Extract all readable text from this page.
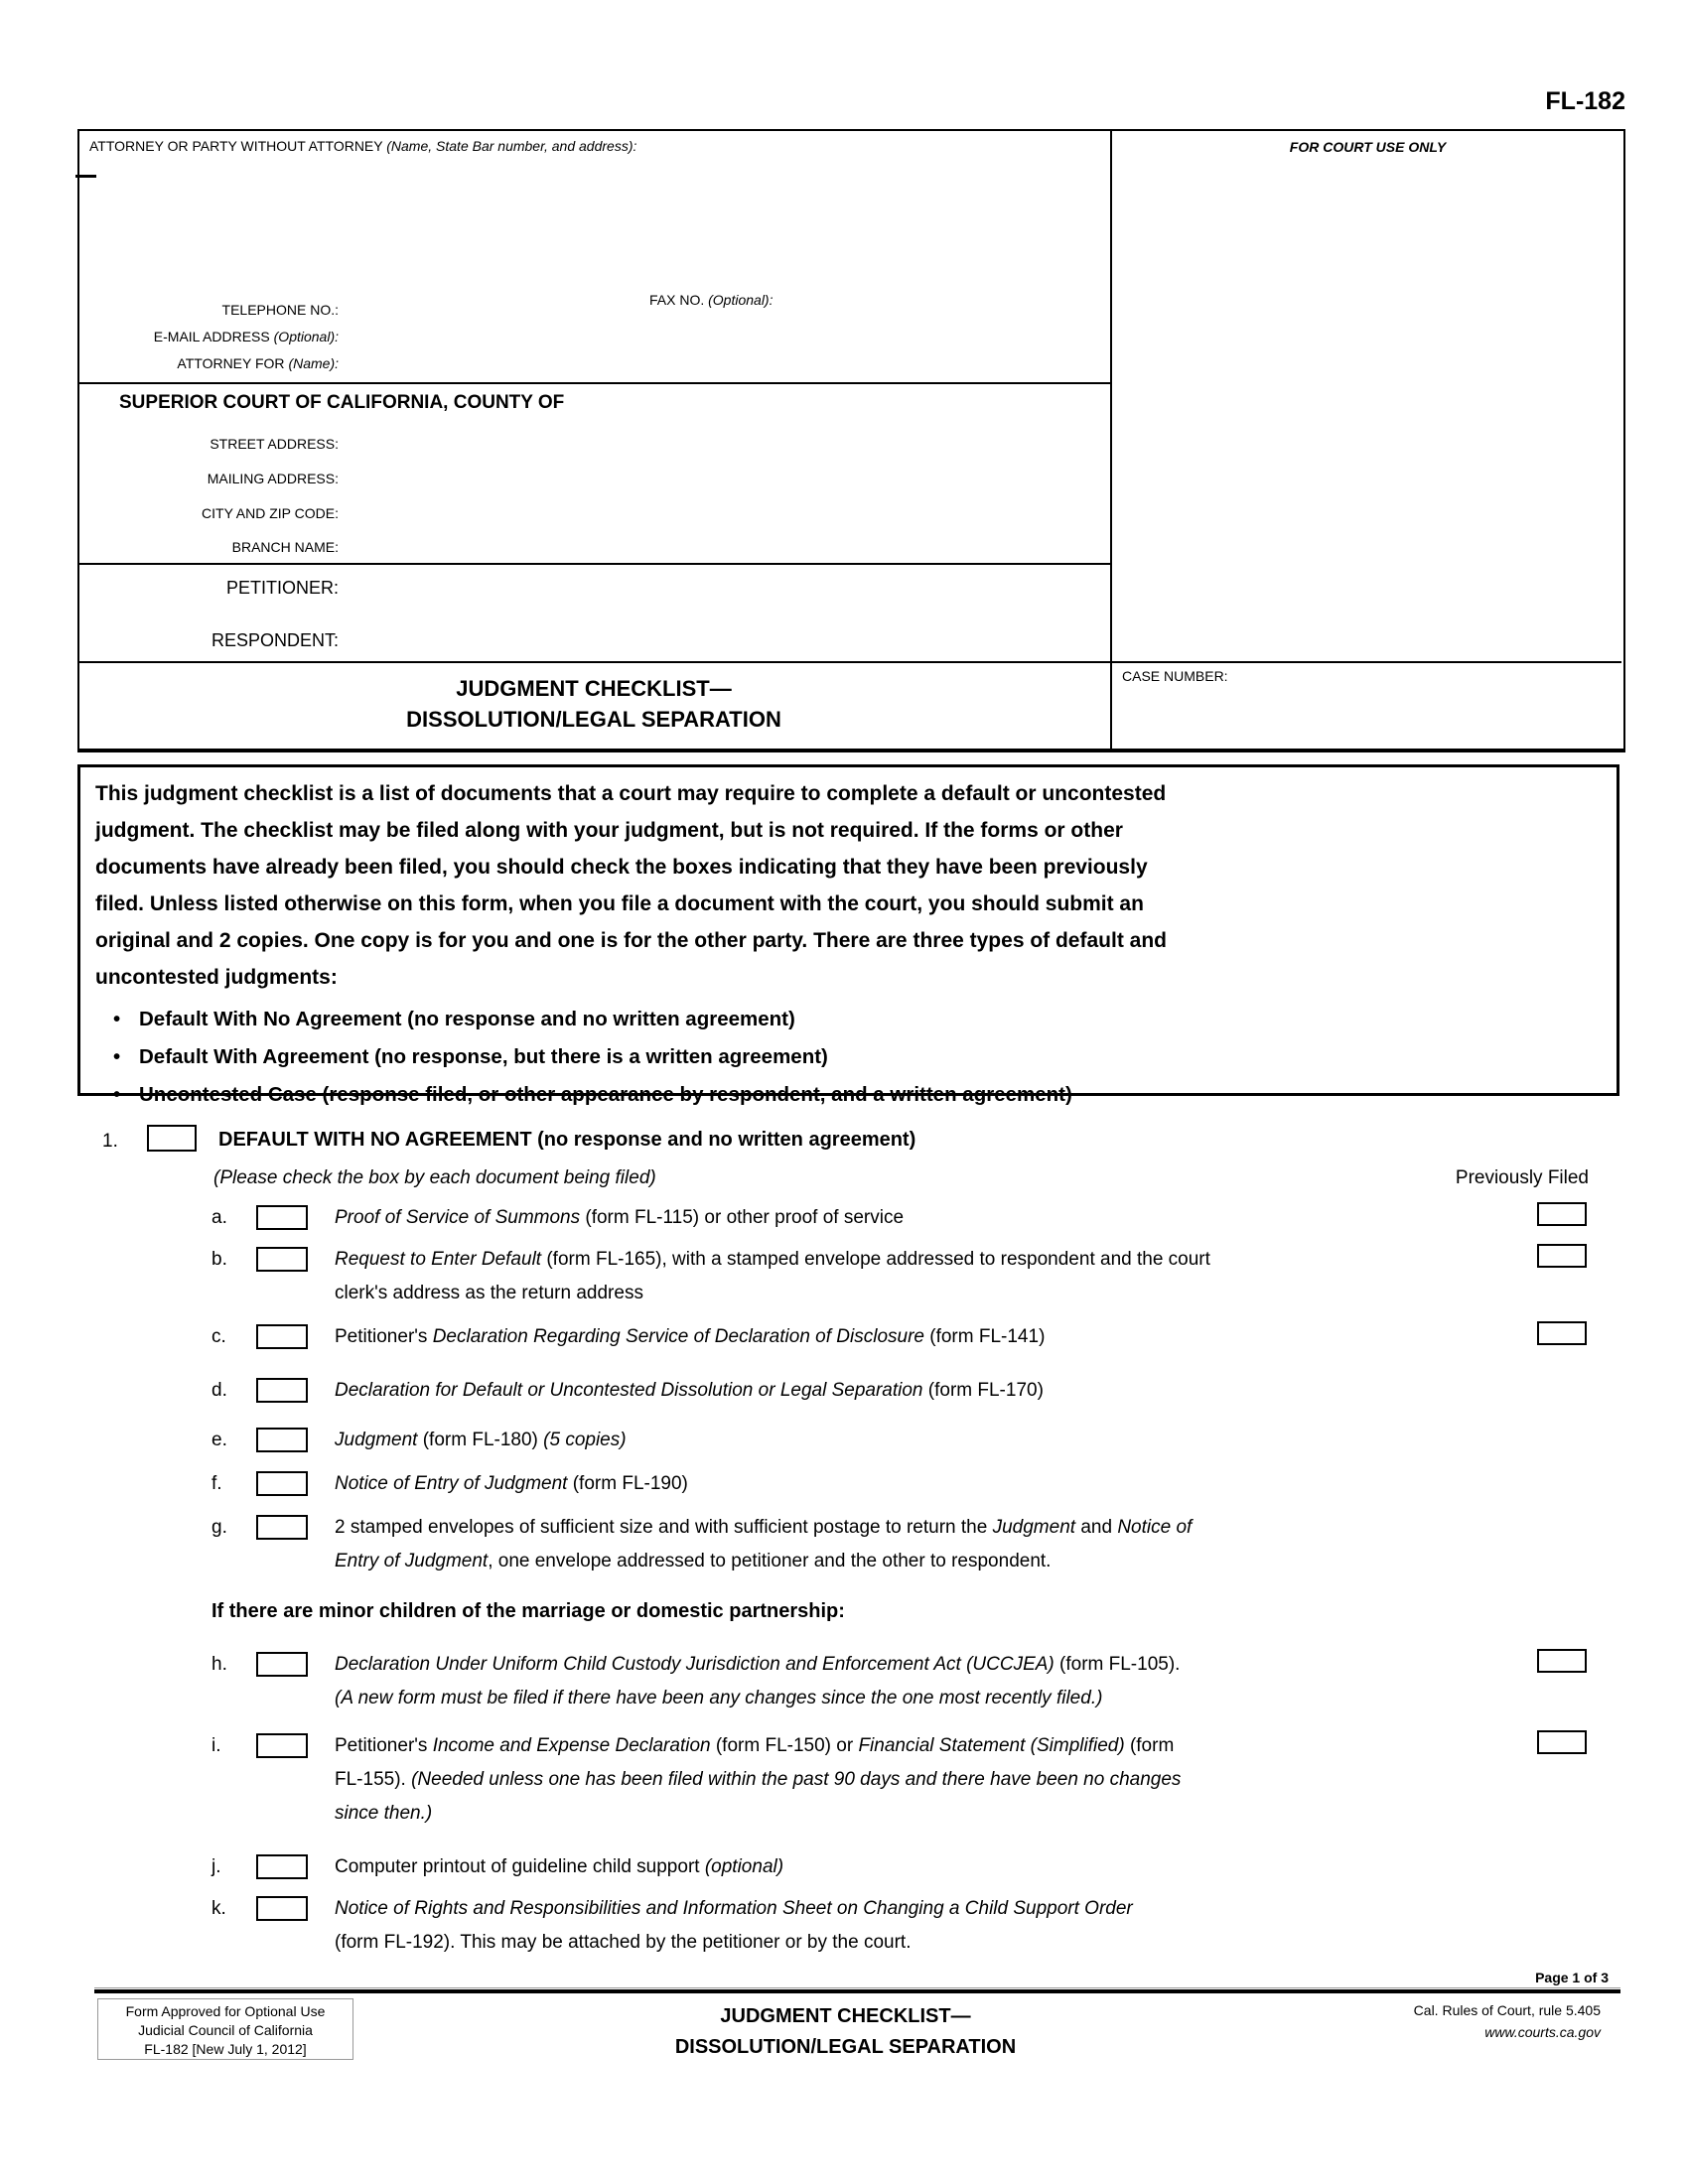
FL-182
ATTORNEY OR PARTY WITHOUT ATTORNEY (Name, State Bar number, and address):
TELEPHONE NO.:
FAX NO. (Optional):
E-MAIL ADDRESS (Optional):
ATTORNEY FOR (Name):
SUPERIOR COURT OF CALIFORNIA, COUNTY OF
STREET ADDRESS:
MAILING ADDRESS:
CITY AND ZIP CODE:
BRANCH NAME:
PETITIONER:
RESPONDENT:
FOR COURT USE ONLY
CASE NUMBER:
JUDGMENT CHECKLIST—
DISSOLUTION/LEGAL SEPARATION
This judgment checklist is a list of documents that a court may require to complete a default or uncontested
judgment. The checklist may be filed along with your judgment, but is not required. If the forms or other
documents have already been filed, you should check the boxes indicating that they have been previously
filed. Unless listed otherwise on this form, when you file a document with the court, you should submit an
original and 2 copies. One copy is for you and one is for the other party. There are three types of default and
uncontested judgments:
• Default With No Agreement (no response and no written agreement)
• Default With Agreement (no response, but there is a written agreement)
• Uncontested Case (response filed, or other appearance by respondent, and a written agreement)
1.	DEFAULT WITH NO AGREEMENT (no response and no written agreement)
(Please check the box by each document being filed)	Previously Filed
a.	Proof of Service of Summons (form FL-115) or other proof of service
b.	Request to Enter Default (form FL-165), with a stamped envelope addressed to respondent and the court
clerk's address as the return address
c.	Petitioner's Declaration Regarding Service of Declaration of Disclosure (form FL-141)
d.	Declaration for Default or Uncontested Dissolution or Legal Separation (form FL-170)
e.	Judgment (form FL-180) (5 copies)
f.	Notice of Entry of Judgment (form FL-190)
g.	2 stamped envelopes of sufficient size and with sufficient postage to return the Judgment and Notice of
Entry of Judgment, one envelope addressed to petitioner and the other to respondent.
h.	Declaration Under Uniform Child Custody Jurisdiction and Enforcement Act (UCCJEA) (form FL-105).
(A new form must be filed if there have been any changes since the one most recently filed.)
i.	Petitioner's Income and Expense Declaration (form FL-150) or Financial Statement (Simplified) (form
FL-155). (Needed unless one has been filed within the past 90 days and there have been no changes
since then.)
j.	Computer printout of guideline child support (optional)
k.	Notice of Rights and Responsibilities and Information Sheet on Changing a Child Support Order
(form FL-192). This may be attached by the petitioner or by the court.
If there are minor children of the marriage or domestic partnership:
Page 1 of 3
Form Approved for Optional Use
Judicial Council of California
FL-182 [New July 1, 2012]
JUDGMENT CHECKLIST—
DISSOLUTION/LEGAL SEPARATION
Cal. Rules of Court, rule 5.405
www.courts.ca.gov
